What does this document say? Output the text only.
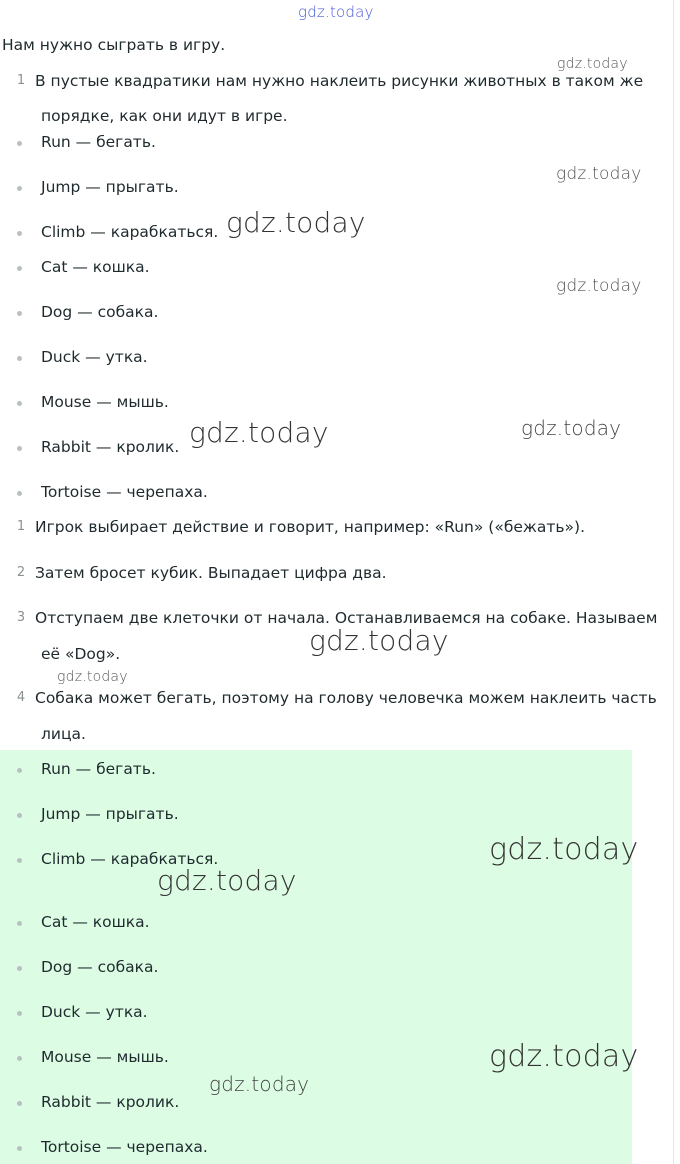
Нам нужно сыграть в игру.
1 В пустые квадратики нам нужно наклеить рисунки животных в таком же
порядке, как они идут в игре.
Run — бегать.
Jump — прыгать.
Climb — карабкаться.
Cat — кошка.
Dog — собака.
Duck — утка.
Mouse — мышь.
Rabbit — кролик.
Tortoise — черепаха.
1 Игрок выбирает действие и говорит, например: «Run» («бежать»).
2 Затем бросет кубик. Выпадает цифра два.
3 Отступаем две клеточки от начала. Останавливаемся на собаке. Называем
её «Dog».
4 Собака может бегать, поэтому на голову человечка можем наклеить часть
лица.
Run — бегать.
Jump — прыгать.
Climb — карабкаться.
Cat — кошка.
Dog — собака.
Duck — утка.
Mouse — мышь.
Rabbit — кролик.
Tortoise — черепаха.
gdz.today
gdz.today
gdz.today
gdz.today
gdz.today
gdz.today	gdz.today
gdz.today
gdz.today
gdz.today
gdz.today
gdz.today
gdz.today
